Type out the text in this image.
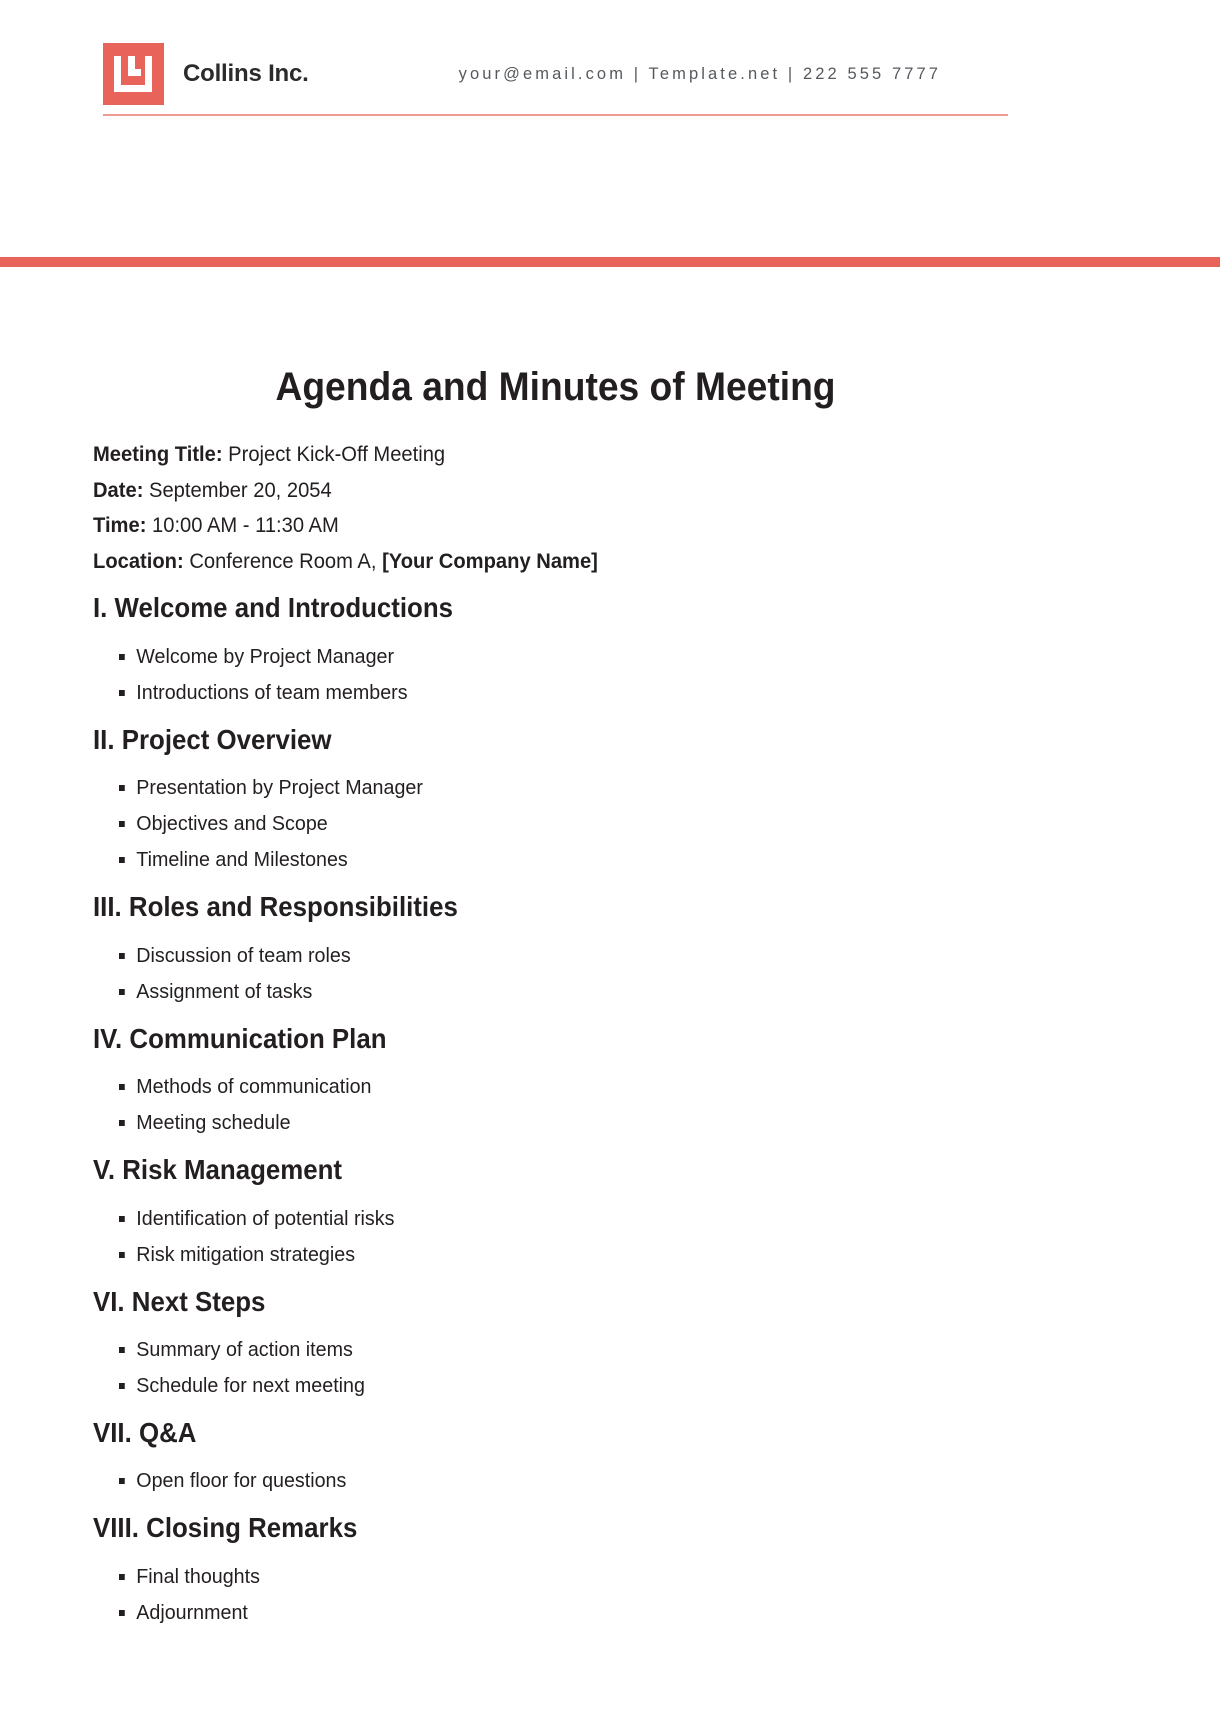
Collins Inc.	your@email.com | Template.net | 222 555 7777
Agenda and Minutes of Meeting
Meeting Title: Project Kick-Off Meeting
Date: September 20, 2054
Time: 10:00 AM - 11:30 AM
Location: Conference Room A, [Your Company Name]
I. Welcome and Introductions
Welcome by Project Manager
Introductions of team members
II. Project Overview
Presentation by Project Manager
Objectives and Scope
Timeline and Milestones
III. Roles and Responsibilities
Discussion of team roles
Assignment of tasks
IV. Communication Plan
Methods of communication
Meeting schedule
V. Risk Management
Identification of potential risks
Risk mitigation strategies
VI. Next Steps
Summary of action items
Schedule for next meeting
VII. Q&A
Open floor for questions
VIII. Closing Remarks
Final thoughts
Adjournment
